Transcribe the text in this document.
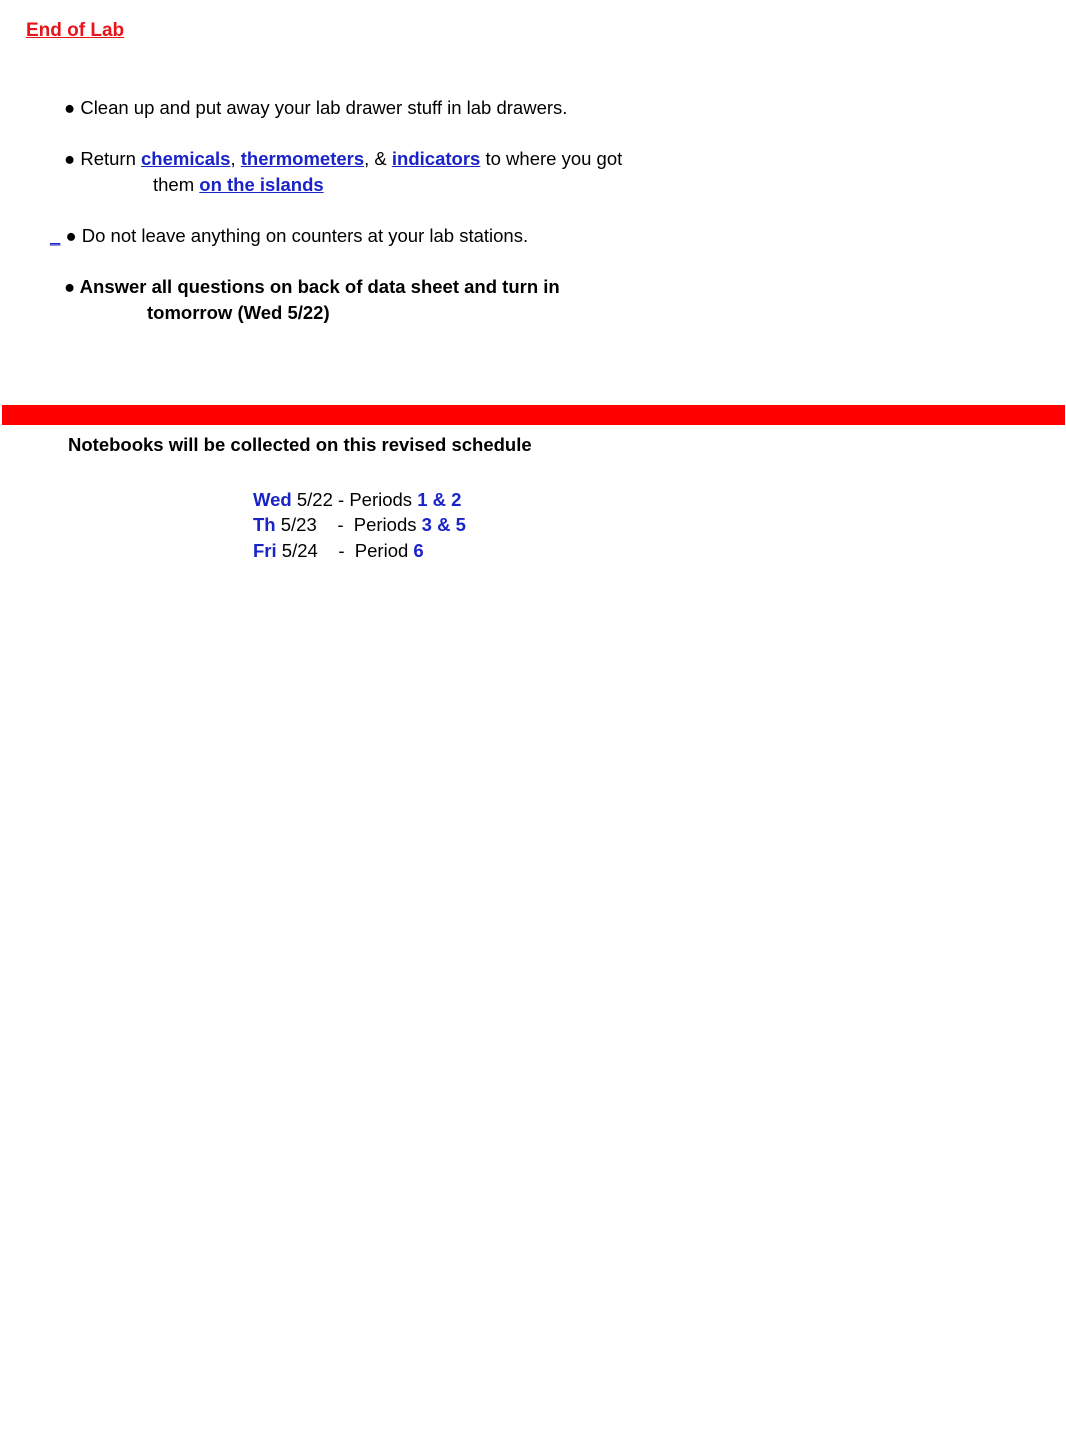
End of Lab
● Clean up and put away your lab drawer stuff in lab drawers.
● Return chemicals, thermometers, & indicators to where you got
them on the islands
_ ● Do not leave anything on counters at your lab stations.
● Answer all questions on back of data sheet and turn in
tomorrow (Wed 5/22)
Notebooks will be collected on this revised schedule
Wed 5/22 - Periods 1 & 2
Th 5/23    - Periods 3 & 5
Fri 5/24    - Period 6
